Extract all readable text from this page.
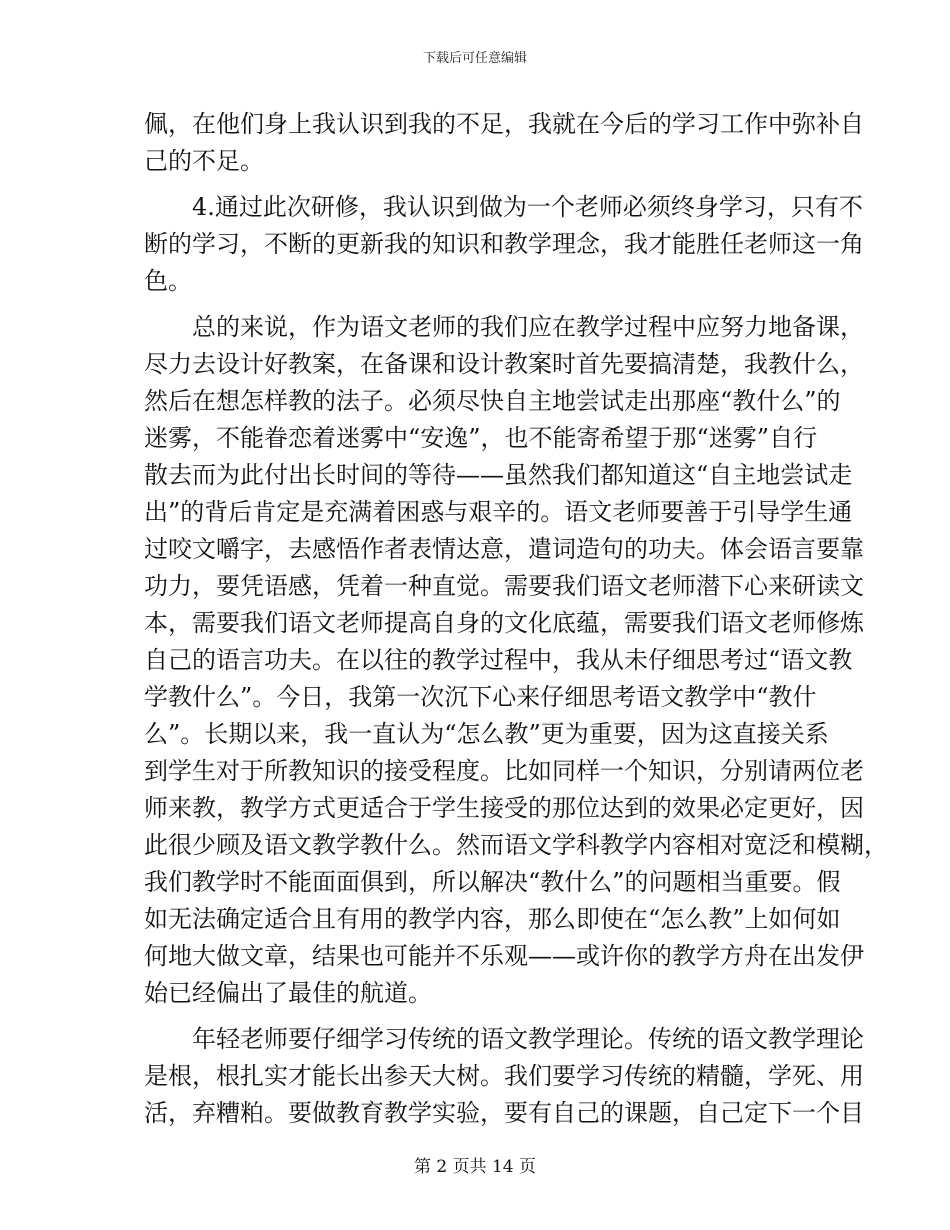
下载后可任意编辑

佩，在他们身上我认识到我的不足，我就在今后的学习工作中弥补自
己的不足。

4.通过此次研修，我认识到做为一个老师必须终身学习，只有不
断的学习，不断的更新我的知识和教学理念，我才能胜任老师这一角
色。

总的来说，作为语文老师的我们应在教学过程中应努力地备课，
尽力去设计好教案，在备课和设计教案时首先要搞清楚，我教什么，
然后在想怎样教的法子。必须尽快自主地尝试走出那座“教什么”的
迷雾，不能眷恋着迷雾中“安逸”，也不能寄希望于那“迷雾”自行
散去而为此付出长时间的等待——虽然我们都知道这“自主地尝试走
出”的背后肯定是充满着困惑与艰辛的。语文老师要善于引导学生通
过咬文嚼字，去感悟作者表情达意，遣词造句的功夫。体会语言要靠
功力，要凭语感，凭着一种直觉。需要我们语文老师潜下心来研读文
本，需要我们语文老师提高自身的文化底蕴，需要我们语文老师修炼
自己的语言功夫。在以往的教学过程中，我从未仔细思考过“语文教
学教什么”。今日，我第一次沉下心来仔细思考语文教学中“教什
么”。长期以来，我一直认为“怎么教”更为重要，因为这直接关系
到学生对于所教知识的接受程度。比如同样一个知识，分别请两位老
师来教，教学方式更适合于学生接受的那位达到的效果必定更好，因
此很少顾及语文教学教什么。然而语文学科教学内容相对宽泛和模糊，
我们教学时不能面面俱到，所以解决“教什么”的问题相当重要。假
如无法确定适合且有用的教学内容，那么即使在“怎么教”上如何如
何地大做文章，结果也可能并不乐观——或许你的教学方舟在出发伊
始已经偏出了最佳的航道。

年轻老师要仔细学习传统的语文教学理论。传统的语文教学理论
是根，根扎实才能长出参天大树。我们要学习传统的精髓，学死、用
活，弃糟粕。要做教育教学实验，要有自己的课题，自己定下一个目

第 2 页共 14 页
